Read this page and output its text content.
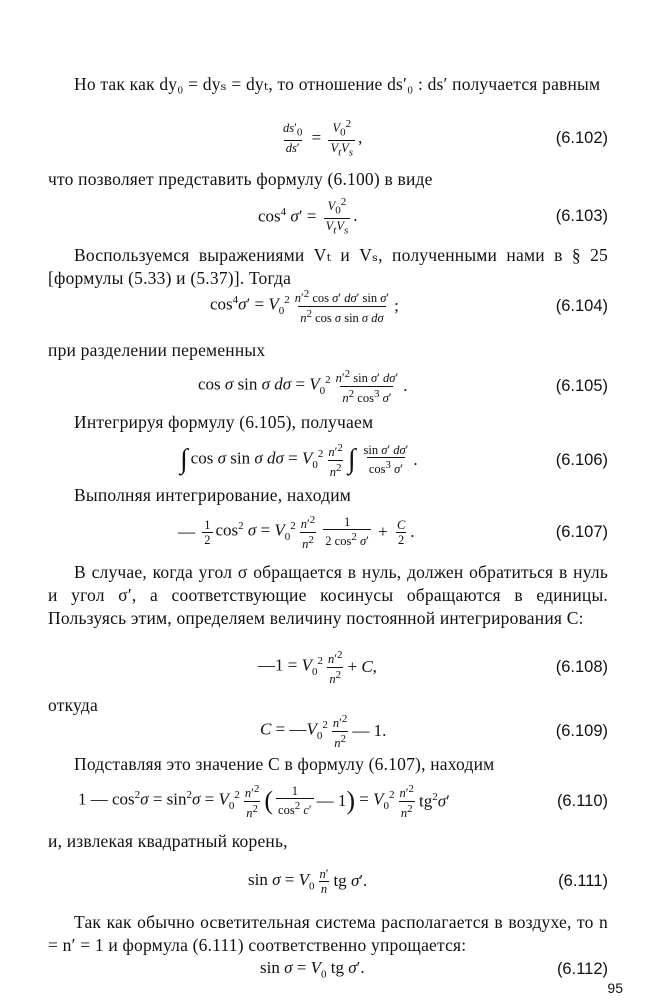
Но так как dy₀ = dyₛ = dyₜ, то отношение ds′₀ : ds′ получается равным
$\frac{ds'_0}{ds'} = \frac{V_0^2}{V_tV_s}$ ,	(6.102)
что позволяет представить формулу (6.100) в виде
$\cos^4 \sigma' = \frac{V_0^2}{V_tV_s}$ .	(6.103)
Воспользуемся выражениями Vₜ и Vₛ, полученными нами в § 25 [формулы (5.33) и (5.37)]. Тогда
$\cos^4\sigma' = V_0^2 \frac{n'^2 \cos \sigma' d\sigma' \sin \sigma'}{n^2 \cos \sigma \sin \sigma d\sigma}$ ;	(6.104)
при разделении переменных
cos σ sin σ $d\sigma = V_0^2 \frac{n'^2 \sin \sigma' d\sigma'}{n^2 \cos^3 \sigma'}$ .	(6.105)
Интегрируя формулу (6.105), получаем
∫ cos σ sin σ $d\sigma = V_0^2 \frac{n'^2}{n^2}$ ∫ $\frac{\text{sin σ′ dσ′}}{\cos^3 \sigma'}$ .	(6.106)
Выполняя интегрирование, находим
— $\frac{1}{2} \cos^2 \sigma = V_0^2 \frac{n'^2}{n^2} \frac{1}{2 \cos^2 \sigma'} + \frac{C}{2}$ .	(6.107)
В случае, когда угол σ обращается в нуль, должен обратиться в нуль и угол σ′, а соответствующие косинусы обращаются в единицы. Пользуясь этим, определяем величину постоянной интегрирования C:
—1 = $V_0^2 \frac{n'^2}{n^2} + C$,	(6.108)
откуда
$C = —V_0^2 \frac{n'^2}{n^2}$ — 1.	(6.109)
Подставляя это значение C в формулу (6.107), находим
1 — $\cos^2\sigma = \sin^2\sigma = V_0^2 \frac{n'^2}{n^2}$ ( $\frac{1}{\cos^2 c'}$ — 1 ) = $V_0^2 \frac{n'^2}{n^2} tg^2\sigma'$	(6.110)
и, извлекая квадратный корень,
$\sin \sigma = V_0 \frac{n'}{n}$ tg σ′.	(6.111)
Так как обычно осветительная система располагается в воздухе, то n = n′ = 1 и формула (6.111) соответственно упрощается:
$\sin \sigma = V_0$ tg σ′.	(6.112)
95
